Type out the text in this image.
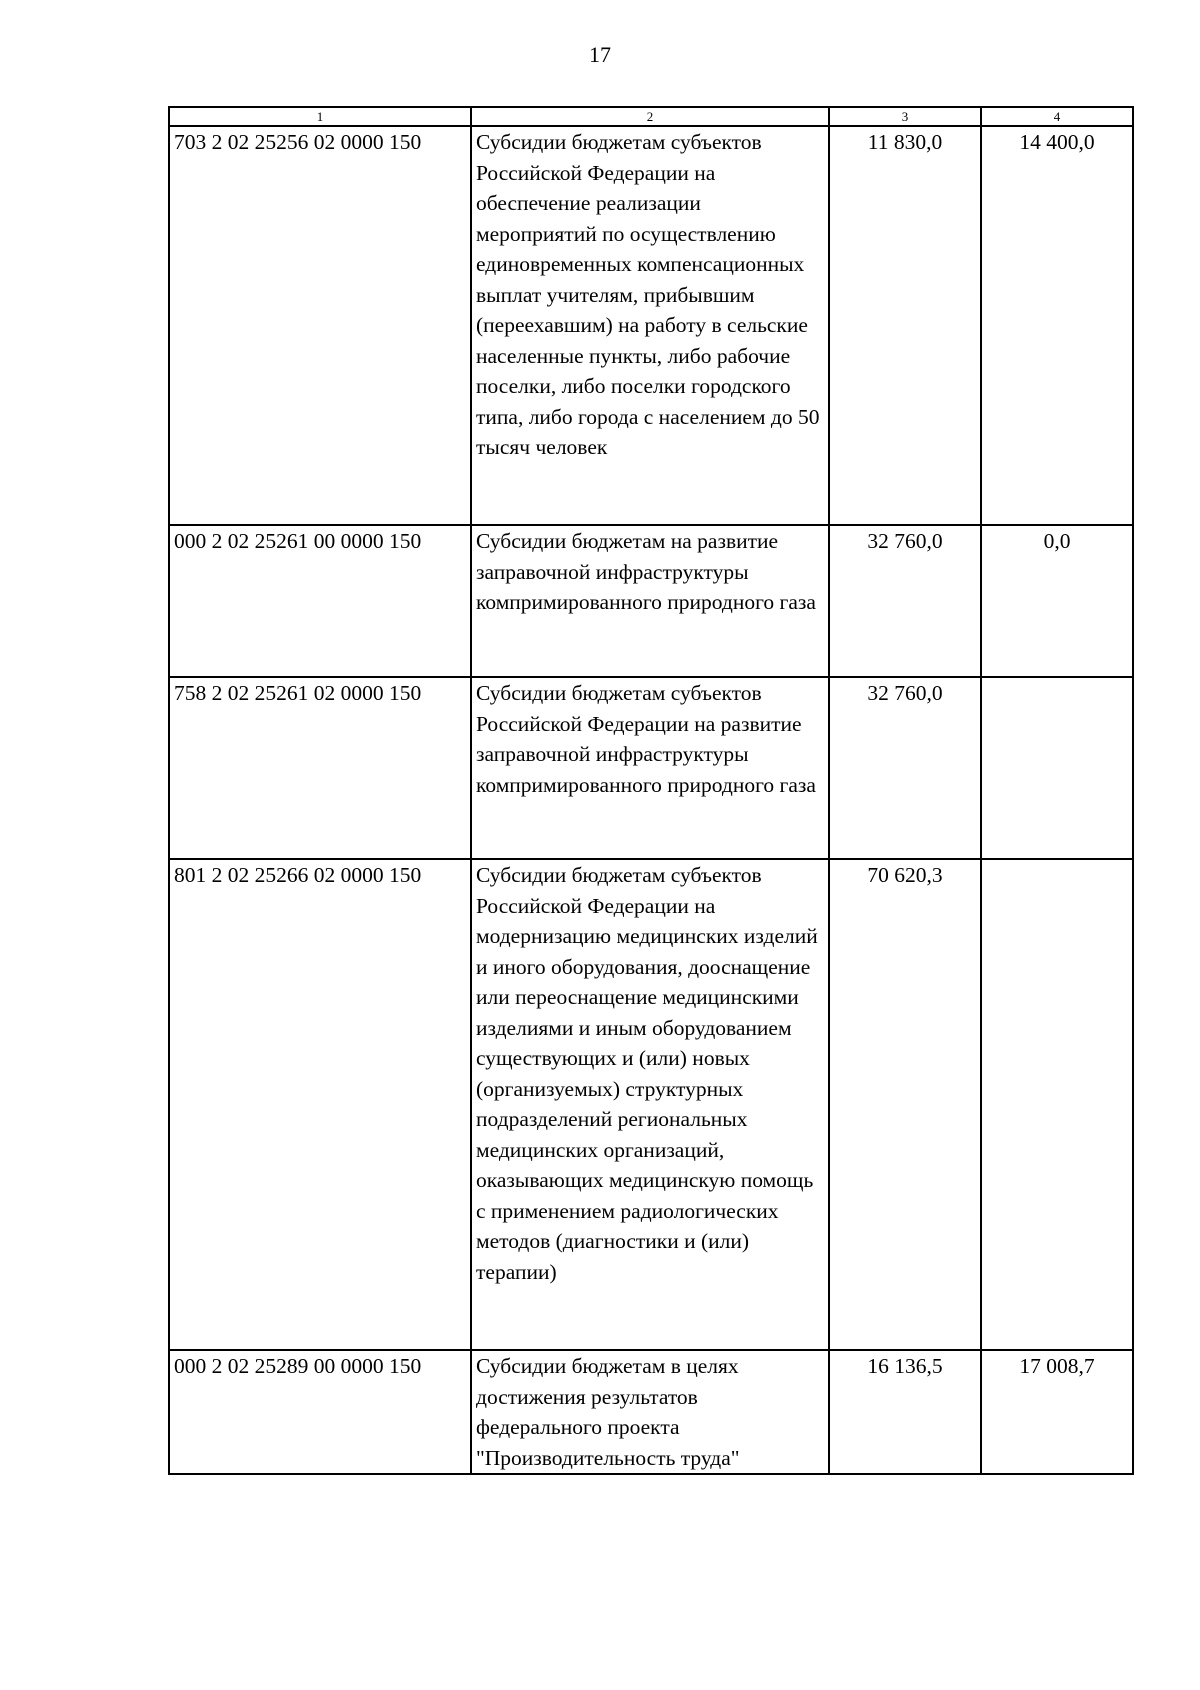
17
1	2	3	4
703 2 02 25256 02 0000 150	Субсидии бюджетам субъектов Российской Федерации на обеспечение реализации мероприятий по осуществлению единовременных компенсационных выплат учителям, прибывшим (переехавшим) на работу в сельские населенные пункты, либо рабочие поселки, либо поселки городского типа, либо города с населением до 50 тысяч человек	11 830,0	14 400,0
000 2 02 25261 00 0000 150	Субсидии бюджетам на развитие заправочной инфраструктуры компримированного природного газа	32 760,0	0,0
758 2 02 25261 02 0000 150	Субсидии бюджетам субъектов Российской Федерации на развитие заправочной инфраструктуры компримированного природного газа	32 760,0	
801 2 02 25266 02 0000 150	Субсидии бюджетам субъектов Российской Федерации на модернизацию медицинских изделий и иного оборудования, дооснащение или переоснащение медицинскими изделиями и иным оборудованием существующих и (или) новых (организуемых) структурных подразделений региональных медицинских организаций, оказывающих медицинскую помощь с применением радиологических методов (диагностики и (или) терапии)	70 620,3	
000 2 02 25289 00 0000 150	Субсидии бюджетам в целях достижения результатов федерального проекта "Производительность труда"	16 136,5	17 008,7
